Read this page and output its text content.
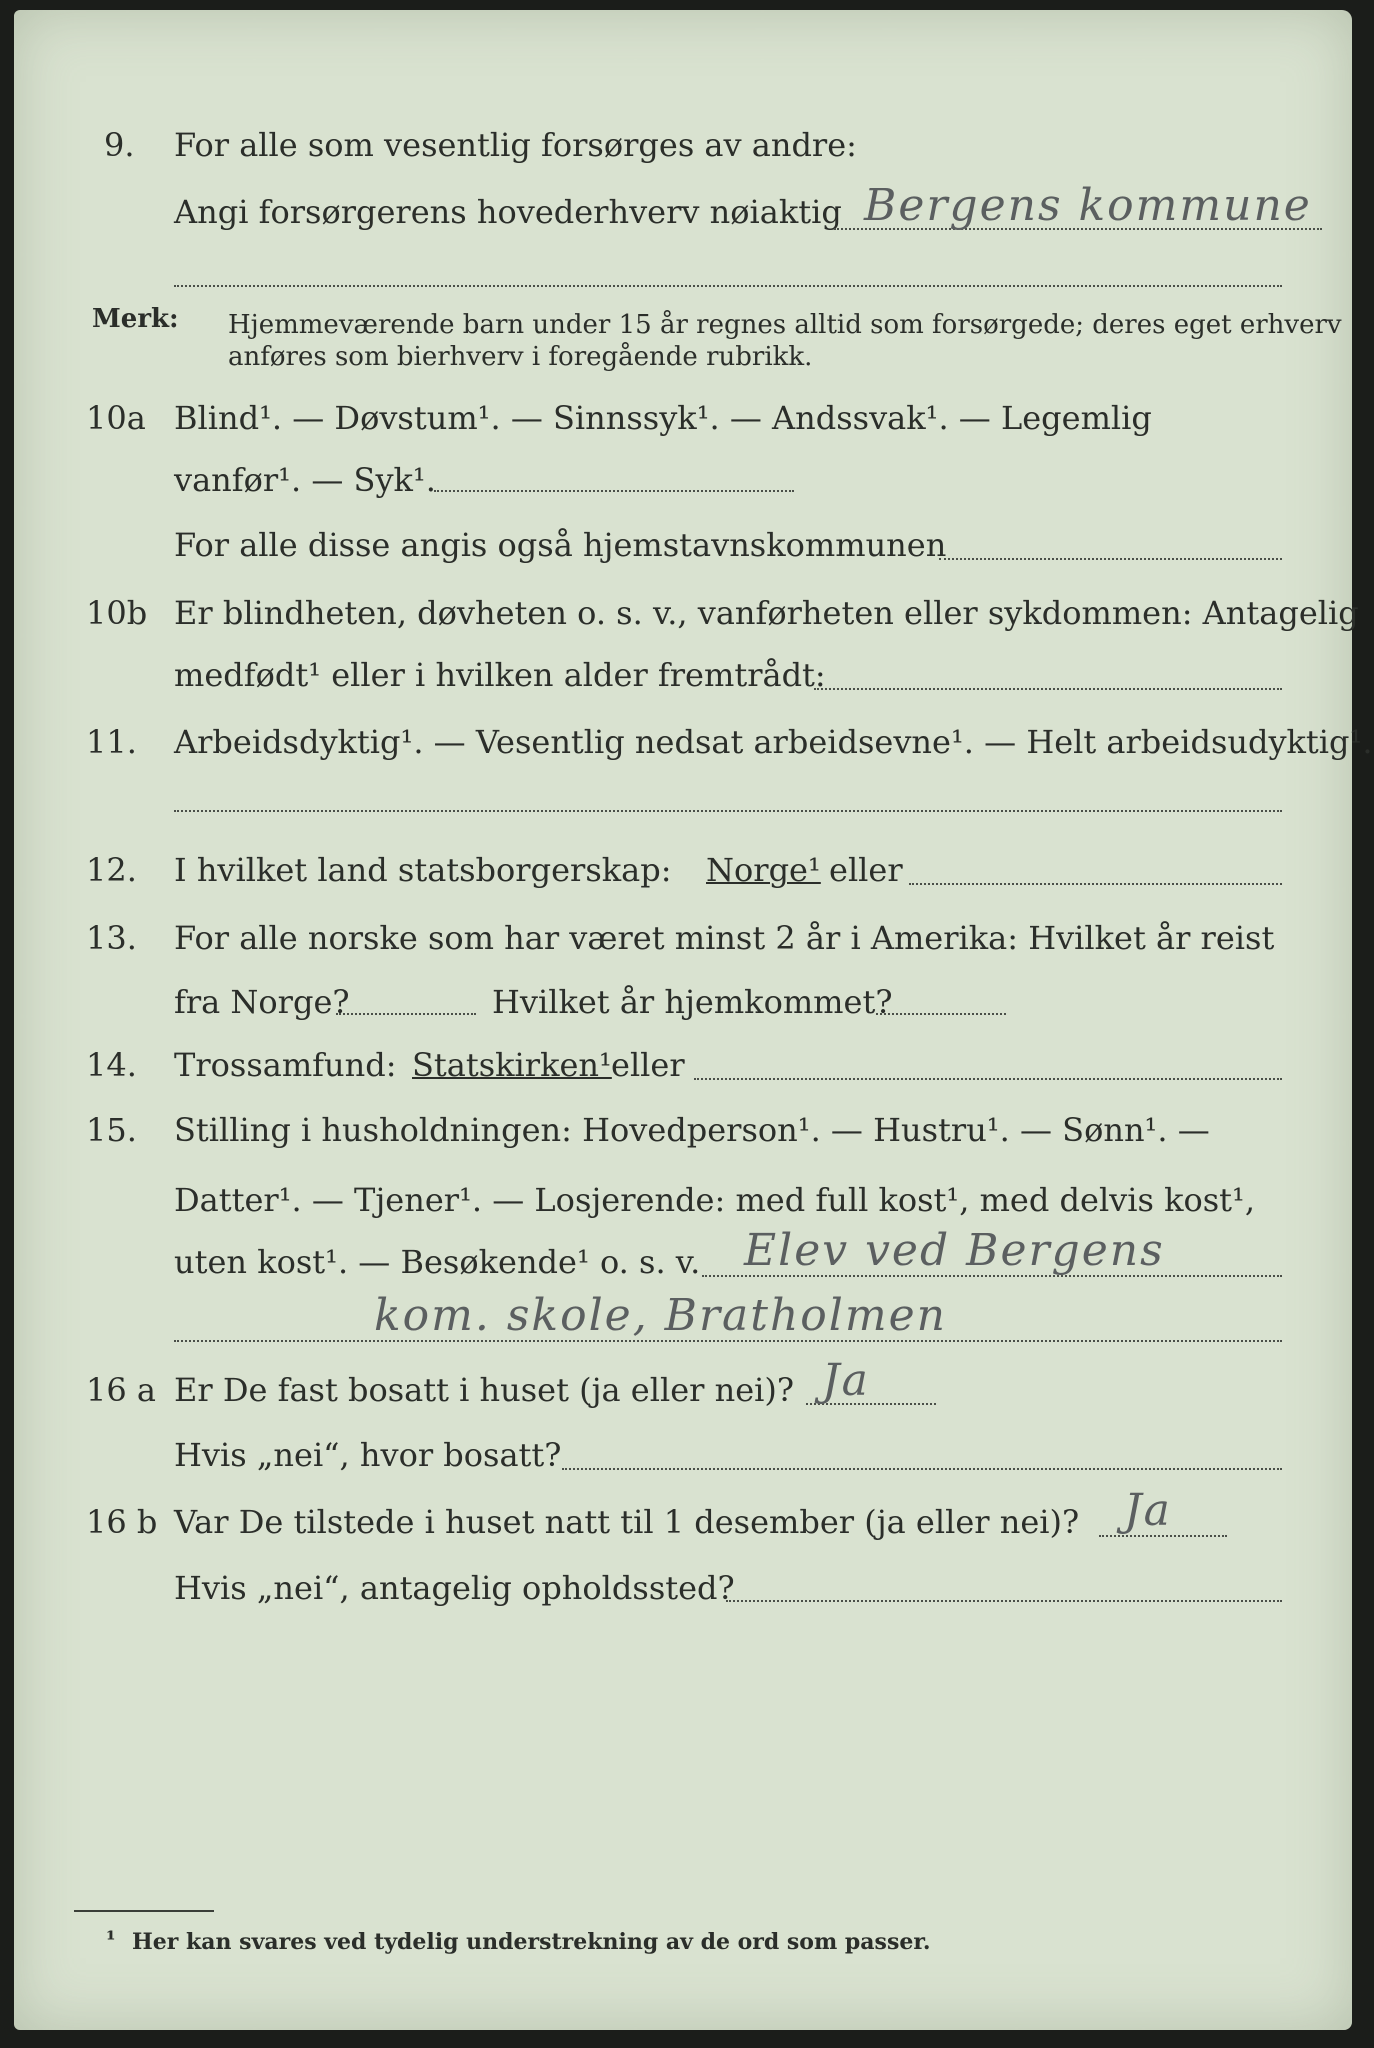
9. For alle som vesentlig forsørges av andre:
Angi forsørgerens hovederhverv nøiaktig Bergens kommune
Merk: Hjemmeværende barn under 15 år regnes alltid som forsørgede; deres eget erhverv
anføres som bierhverv i foregående rubrikk.
10a Blind¹. — Døvstum¹. — Sinnssyk¹. — Andssvak¹. — Legemlig
vanfør¹. — Syk¹.
For alle disse angis også hjemstavnskommunen
10b Er blindheten, døvheten o. s. v., vanførheten eller sykdommen: Antagelig
medfødt¹ eller i hvilken alder fremtrådt:
11. Arbeidsdyktig¹. — Vesentlig nedsat arbeidsevne¹. — Helt arbeidsudyktig¹.
12. I hvilket land statsborgerskap: Norge¹ eller
13. For alle norske som har været minst 2 år i Amerika: Hvilket år reist
fra Norge?	Hvilket år hjemkommet?
14. Trossamfund: Statskirken¹ eller
15. Stilling i husholdningen: Hovedperson¹. — Hustru¹. — Sønn¹. —
Datter¹. — Tjener¹. — Losjerende: med full kost¹, med delvis kost¹,
uten kost¹. — Besøkende¹ o. s. v. Elev ved Bergens
kom. skole, Bratholmen
16 a Er De fast bosatt i huset (ja eller nei)? Ja
Hvis „nei“, hvor bosatt?
16 b Var De tilstede i huset natt til 1 desember (ja eller nei)? Ja
Hvis „nei“, antagelig opholdssted?
¹ Her kan svares ved tydelig understrekning av de ord som passer.
